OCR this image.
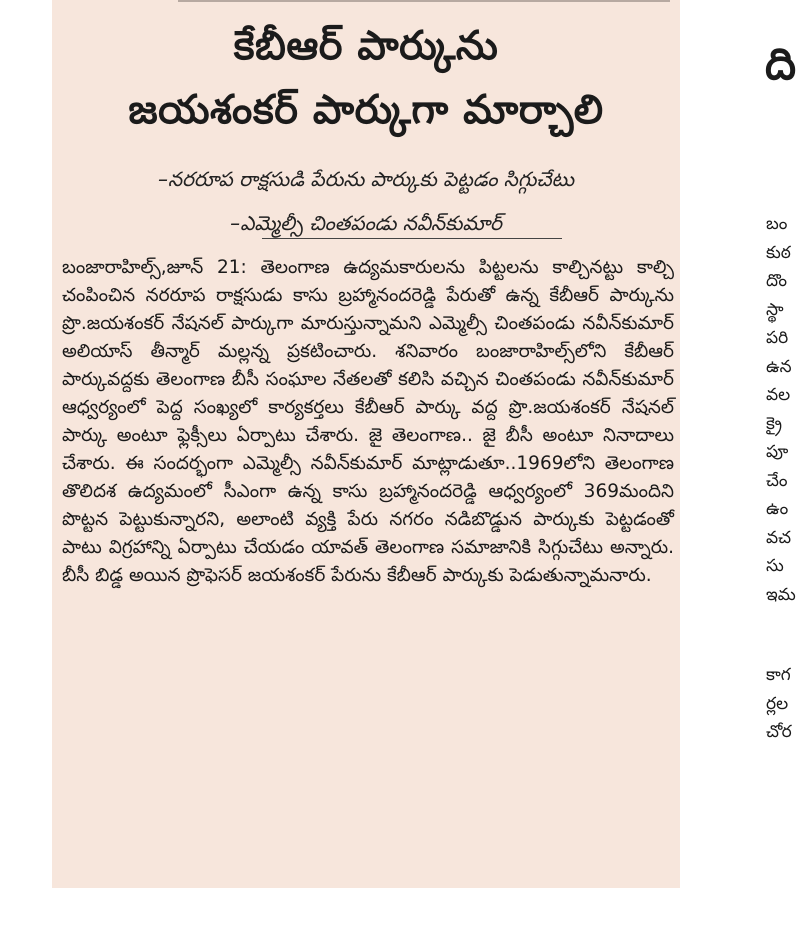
కేబీఆర్ పార్కును
జయశంకర్ పార్కుగా మార్చాలి
–నరరూప రాక్షసుడి పేరును పార్కుకు పెట్టడం సిగ్గుచేటు
–ఎమ్మెల్సీ చింతపండు నవీన్‌కుమార్
బంజారాహిల్స్,జూన్ 21: తెలంగాణ ఉద్యమకారులను పిట్టలను కాల్చినట్టు కాల్చి చంపించిన నరరూప రాక్షసుడు కాసు బ్రహ్మానందరెడ్డి పేరుతో ఉన్న కేబీఆర్ పార్కును ప్రొ.జయశంకర్ నేషనల్ పార్కుగా మారుస్తున్నామని ఎమ్మెల్సీ చింతపండు నవీన్‌కుమార్ అలియాస్ తీన్మార్ మల్లన్న ప్రకటించారు. శనివారం బంజారాహిల్స్‌లోని కేబీఆర్ పార్కువద్దకు తెలంగాణ బీసీ సంఘాల నేతలతో కలిసి వచ్చిన చింతపండు నవీన్‌కుమార్ ఆధ్వర్యంలో పెద్ద సంఖ్యలో కార్యకర్తలు కేబీఆర్ పార్కు వద్ద ప్రొ.జయశంకర్ నేషనల్ పార్కు అంటూ ఫ్లెక్సీలు ఏర్పాటు చేశారు. జై తెలంగాణ.. జై బీసీ అంటూ నినాదాలు చేశారు. ఈ సందర్భంగా ఎమ్మెల్సీ నవీన్‌కుమార్ మాట్లాడుతూ..1969లోని తెలంగాణ తొలిదశ ఉద్యమంలో సీఎంగా ఉన్న కాసు బ్రహ్మానందరెడ్డి ఆధ్వర్యంలో 369మందిని పొట్టన పెట్టుకున్నారని, అలాంటి వ్యక్తి పేరు నగరం నడిబొడ్డున పార్కుకు పెట్టడంతో పాటు విగ్రహాన్ని ఏర్పాటు చేయడం యావత్ తెలంగాణ సమాజానికి సిగ్గుచేటు అన్నారు. బీసీ బిడ్డ అయిన ప్రొఫెసర్ జయశంకర్ పేరును కేబీఆర్ పార్కుకు పెడుతున్నామనారు.
ది
బం
కుఠ
దొం
స్థా
పరి
ఉన
వల
క్రై
పూ
చేం
ఉం
వచ
సు
ఇమ
కాగ
ర్లల
చోర
